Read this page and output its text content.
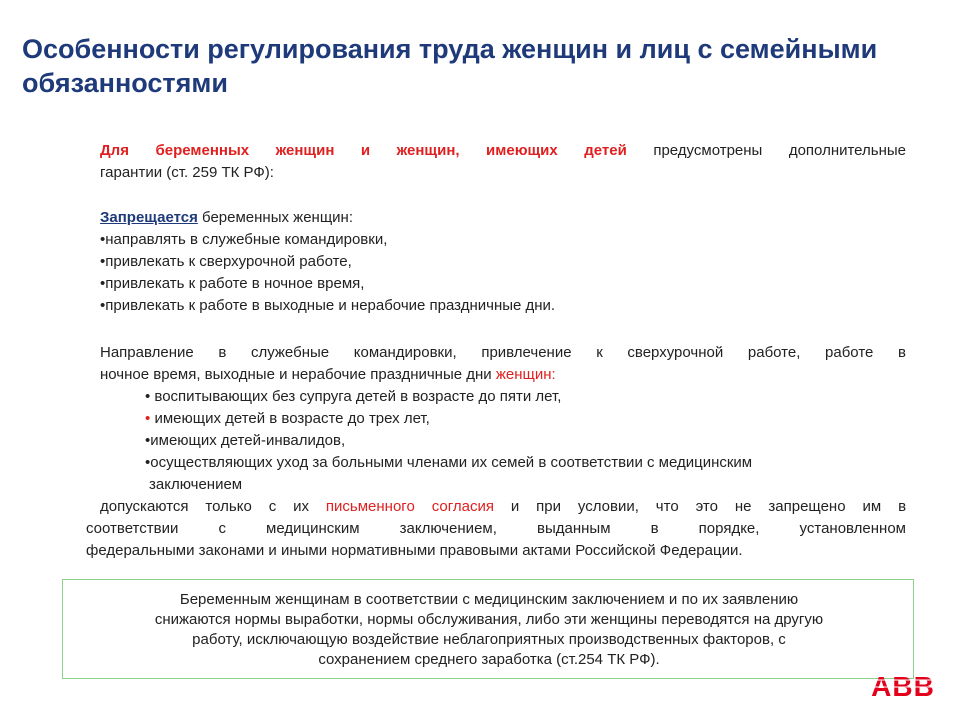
Особенности регулирования труда женщин и лиц с семейными обязанностями
Для беременных женщин и женщин, имеющих детей предусмотрены дополнительные
гарантии (ст. 259 ТК РФ):
Запрещается беременных женщин:
•направлять в служебные командировки,
•привлекать к сверхурочной работе,
•привлекать к работе в ночное время,
•привлекать к работе в выходные и нерабочие праздничные дни.
Направление в служебные командировки, привлечение к сверхурочной работе, работе в
ночное время, выходные и нерабочие праздничные дни женщин:
• воспитывающих без супруга детей в возрасте до пяти лет,
• имеющих детей в возрасте до трех лет,
•имеющих детей-инвалидов,
•осуществляющих уход за больными членами их семей в соответствии с медицинским
заключением
допускаются только с их письменного согласия и при условии, что это не запрещено им в
соответствии с медицинским заключением, выданным в порядке, установленном
федеральными законами и иными нормативными правовыми актами Российской Федерации.
Беременным женщинам в соответствии с медицинским заключением и по их заявлению
снижаются нормы выработки, нормы обслуживания, либо эти женщины переводятся на другую
работу, исключающую воздействие неблагоприятных производственных факторов, с
сохранением среднего заработка (ст.254 ТК РФ).
ABB
